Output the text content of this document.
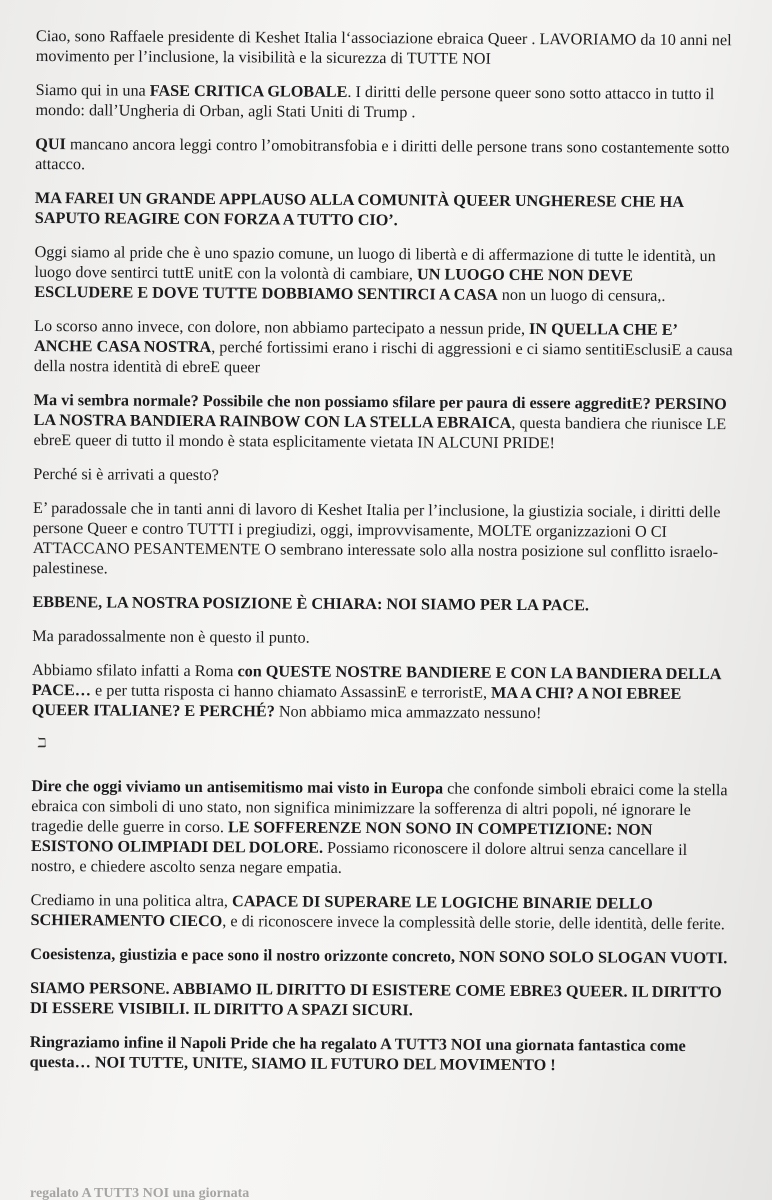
Ciao, sono Raffaele presidente di Keshet Italia l‘associazione ebraica Queer . LAVORIAMO da 10 anni nel movimento per l’inclusione, la visibilità e la sicurezza di TUTTE NOI

Siamo qui in una FASE CRITICA GLOBALE. I diritti delle persone queer sono sotto attacco in tutto il mondo: dall’Ungheria di Orban, agli Stati Uniti di Trump .

QUI mancano ancora leggi contro l’omobitransfobia e i diritti delle persone trans sono costantemente sotto attacco.

MA FAREI UN GRANDE APPLAUSO ALLA COMUNITÀ QUEER UNGHERESE CHE HA SAPUTO REAGIRE CON FORZA A TUTTO CIO’.

Oggi siamo al pride che è uno spazio comune, un luogo di libertà e di affermazione di tutte le identità, un luogo dove sentirci tuttE unitE con la volontà di cambiare, UN LUOGO CHE NON DEVE ESCLUDERE E DOVE TUTTE DOBBIAMO SENTIRCI A CASA non un luogo di censura,.

Lo scorso anno invece, con dolore, non abbiamo partecipato a nessun pride, IN QUELLA CHE E’ ANCHE CASA NOSTRA, perché fortissimi erano i rischi di aggressioni e ci siamo sentitiEsclusiE a causa della nostra identità di ebreE queer

Ma vi sembra normale? Possibile che non possiamo sfilare per paura di essere aggreditE? PERSINO LA NOSTRA BANDIERA RAINBOW CON LA STELLA EBRAICA, questa bandiera che riunisce LE ebreE queer di tutto il mondo è stata esplicitamente vietata IN ALCUNI PRIDE!

Perché si è arrivati a questo?

E’ paradossale che in tanti anni di lavoro di Keshet Italia per l’inclusione, la giustizia sociale, i diritti delle persone Queer e contro TUTTI i pregiudizi, oggi, improvvisamente, MOLTE organizzazioni O CI ATTACCANO PESANTEMENTE O sembrano interessate solo alla nostra posizione sul conflitto israelo-palestinese.

EBBENE, LA NOSTRA POSIZIONE È CHIARA: NOI SIAMO PER LA PACE.

Ma paradossalmente non è questo il punto.

Abbiamo sfilato infatti a Roma con QUESTE NOSTRE BANDIERE E CON LA BANDIERA DELLA PACE… e per tutta risposta ci hanno chiamato AssassinE e terroristE, MA A CHI? A NOI EBREE QUEER ITALIANE? E PERCHÉ? Non abbiamo mica ammazzato nessuno!

ℶ

Dire che oggi viviamo un antisemitismo mai visto in Europa che confonde simboli ebraici come la stella ebraica con simboli di uno stato, non significa minimizzare la sofferenza di altri popoli, né ignorare le tragedie delle guerre in corso. LE SOFFERENZE NON SONO IN COMPETIZIONE: NON ESISTONO OLIMPIADI DEL DOLORE. Possiamo riconoscere il dolore altrui senza cancellare il nostro, e chiedere ascolto senza negare empatia.

Crediamo in una politica altra, CAPACE DI SUPERARE LE LOGICHE BINARIE DELLO SCHIERAMENTO CIECO, e di riconoscere invece la complessità delle storie, delle identità, delle ferite.

Coesistenza, giustizia e pace sono il nostro orizzonte concreto, NON SONO SOLO SLOGAN VUOTI.

SIAMO PERSONE. ABBIAMO IL DIRITTO DI ESISTERE COME EBRE3 QUEER. IL DIRITTO DI ESSERE VISIBILI. IL DIRITTO A SPAZI SICURI.

Ringraziamo infine il Napoli Pride che ha regalato A TUTT3 NOI una giornata fantastica come questa… NOI TUTTE, UNITE, SIAMO IL FUTURO DEL MOVIMENTO !

regalato A TUTT3 NOI una giornata
